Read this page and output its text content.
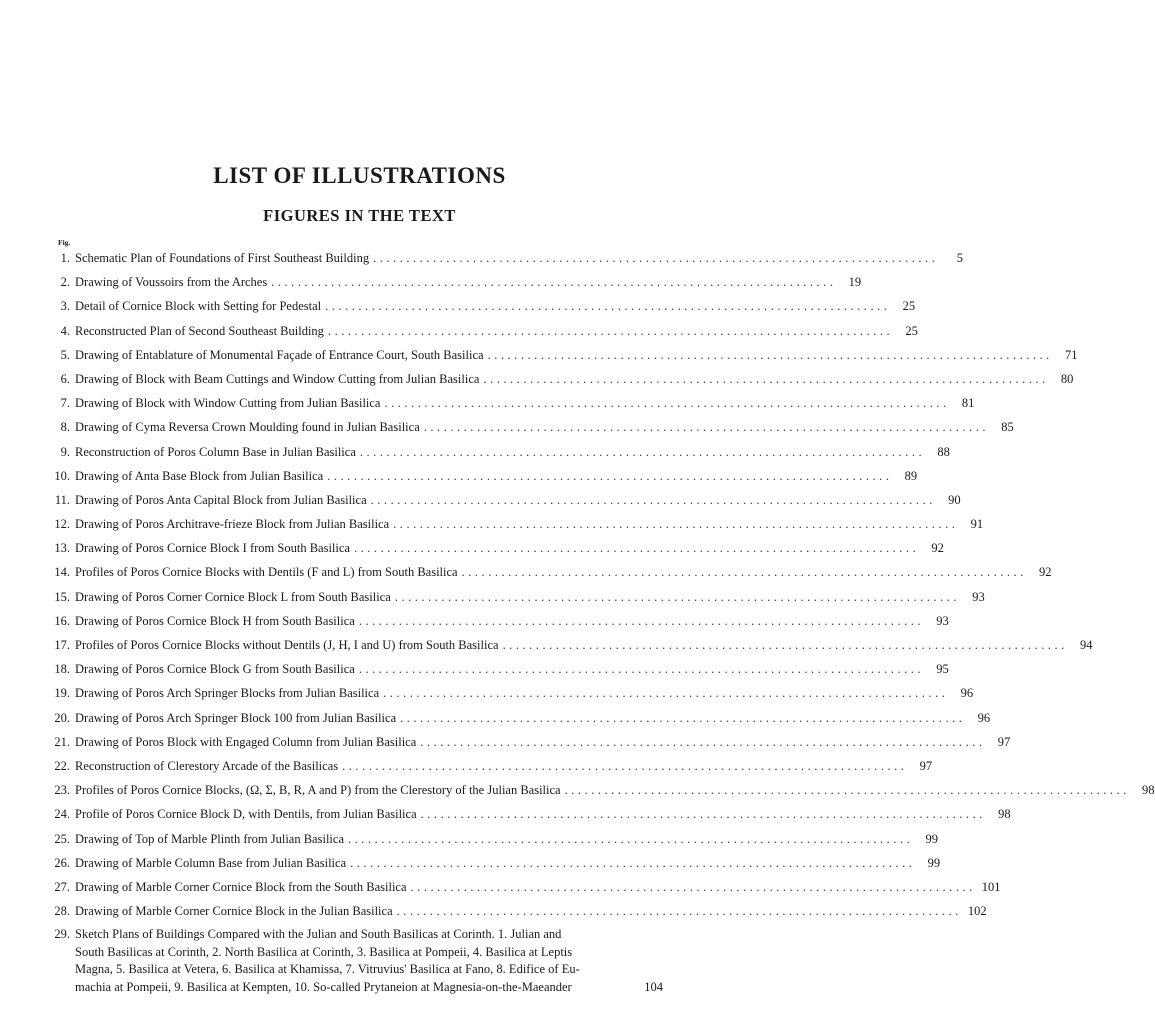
LIST OF ILLUSTRATIONS
FIGURES IN THE TEXT
Fig.
1. Schematic Plan of Foundations of First Southeast Building . . .	5
2. Drawing of Voussoirs from the Arches . . .	19
3. Detail of Cornice Block with Setting for Pedestal . . .	25
4. Reconstructed Plan of Second Southeast Building . . .	25
5. Drawing of Entablature of Monumental Façade of Entrance Court, South Basilica . . .	71
6. Drawing of Block with Beam Cuttings and Window Cutting from Julian Basilica . . .	80
7. Drawing of Block with Window Cutting from Julian Basilica . . .	81
8. Drawing of Cyma Reversa Crown Moulding found in Julian Basilica . . .	85
9. Reconstruction of Poros Column Base in Julian Basilica . . .	88
10. Drawing of Anta Base Block from Julian Basilica . . .	89
11. Drawing of Poros Anta Capital Block from Julian Basilica . . .	90
12. Drawing of Poros Architrave-frieze Block from Julian Basilica . . .	91
13. Drawing of Poros Cornice Block I from South Basilica . . .	92
14. Profiles of Poros Cornice Blocks with Dentils (F and L) from South Basilica . . .	92
15. Drawing of Poros Corner Cornice Block L from South Basilica . . .	93
16. Drawing of Poros Cornice Block H from South Basilica . . .	93
17. Profiles of Poros Cornice Blocks without Dentils (J, H, I and U) from South Basilica . . .	94
18. Drawing of Poros Cornice Block G from South Basilica . . .	95
19. Drawing of Poros Arch Springer Blocks from Julian Basilica . . .	96
20. Drawing of Poros Arch Springer Block 100 from Julian Basilica . . .	96
21. Drawing of Poros Block with Engaged Column from Julian Basilica . . .	97
22. Reconstruction of Clerestory Arcade of the Basilicas . . .	97
23. Profiles of Poros Cornice Blocks, (Ω, Σ, B, R, A and P) from the Clerestory of the Julian Basilica . . .	98
24. Profile of Poros Cornice Block D, with Dentils, from Julian Basilica . . .	98
25. Drawing of Top of Marble Plinth from Julian Basilica . . .	99
26. Drawing of Marble Column Base from Julian Basilica . . .	99
27. Drawing of Marble Corner Cornice Block from the South Basilica . . .	101
28. Drawing of Marble Corner Cornice Block in the Julian Basilica . . .	102
29. Sketch Plans of Buildings Compared with the Julian and South Basilicas at Corinth. 1. Julian and
South Basilicas at Corinth, 2. North Basilica at Corinth, 3. Basilica at Pompeii, 4. Basilica at Leptis
Magna, 5. Basilica at Vetera, 6. Basilica at Khamissa, 7. Vitruvius' Basilica at Fano, 8. Edifice of Eu-
machia at Pompeii, 9. Basilica at Kempten, 10. So-called Prytaneion at Magnesia-on-the-Maeander	104
